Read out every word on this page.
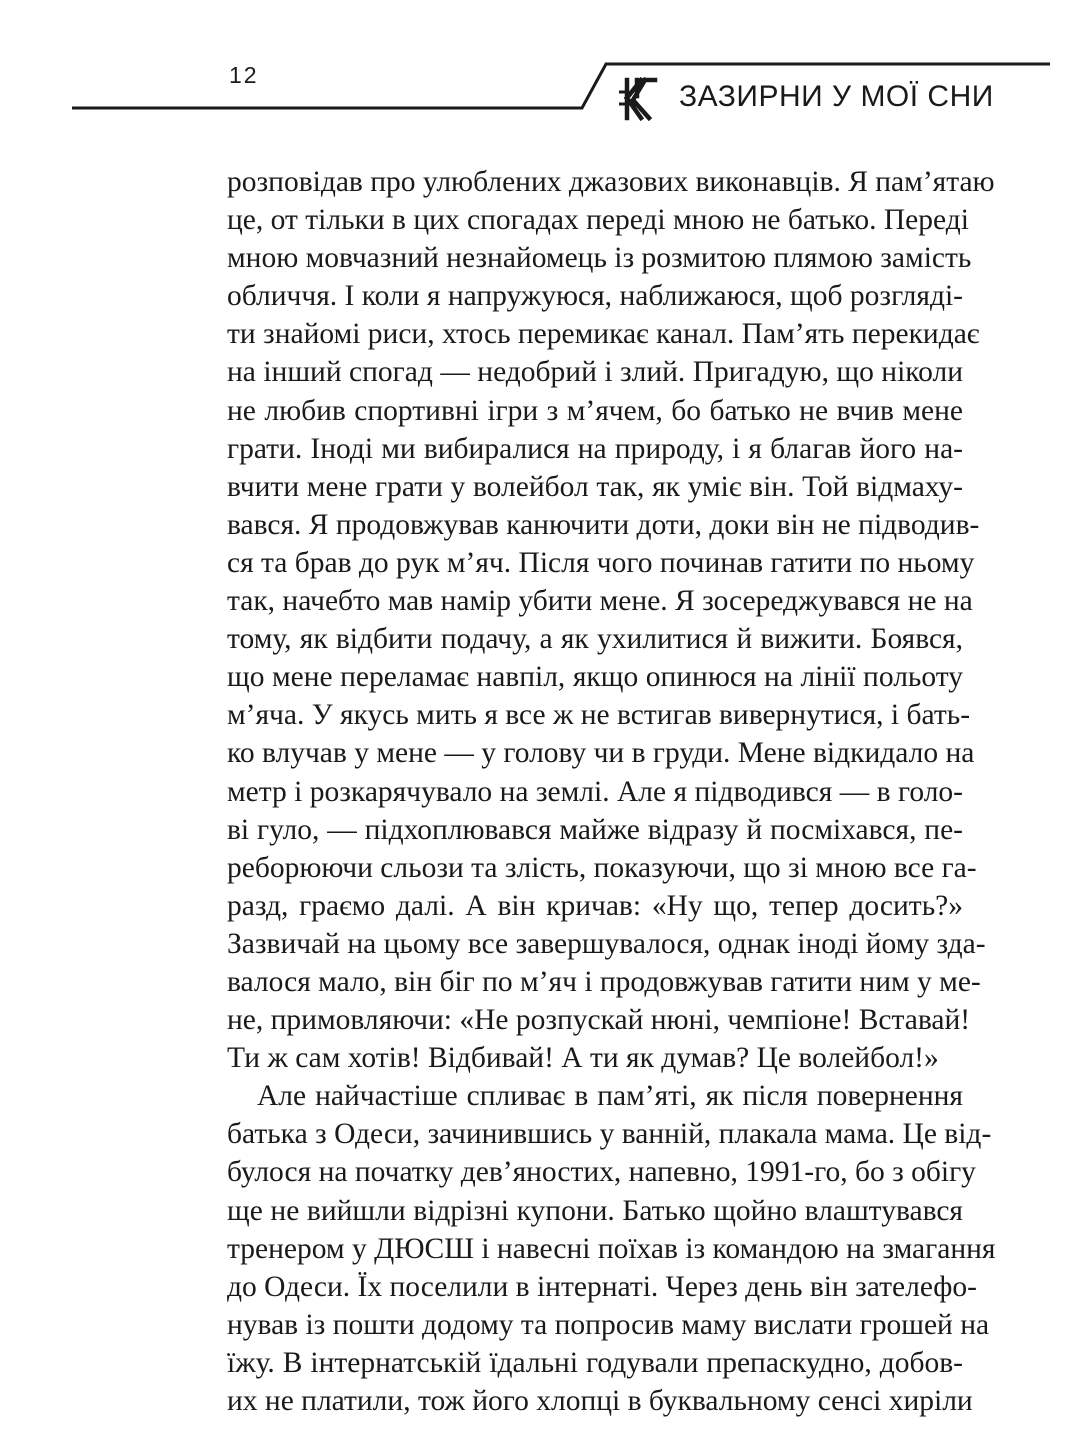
12
ЗАЗИРНИ У МОЇ СНИ
розповідав про улюблених джазових виконавців. Я пам’ятаю
це, от тільки в цих спогадах переді мною не батько. Переді
мною мовчазний незнайомець із розмитою плямою замість
обличчя. І коли я напружуюся, наближаюся, щоб розгляді-
ти знайомі риси, хтось перемикає канал. Пам’ять перекидає
на інший спогад — недобрий і злий. Пригадую, що ніколи
не любив спортивні ігри з м’ячем, бо батько не вчив мене
грати. Іноді ми вибиралися на природу, і я благав його на-
вчити мене грати у волейбол так, як уміє він. Той відмаху-
вався. Я продовжував канючити доти, доки він не підводив-
ся та брав до рук м’яч. Після чого починав гатити по ньому
так, начебто мав намір убити мене. Я зосереджувався не на
тому, як відбити подачу, а як ухилитися й вижити. Боявся,
що мене переламає навпіл, якщо опинюся на лінії польоту
м’яча. У якусь мить я все ж не встигав вивернутися, і бать-
ко влучав у мене — у голову чи в груди. Мене відкидало на
метр і розкарячувало на землі. Але я підводився — в голо-
ві гуло, — підхоплювався майже відразу й посміхався, пе-
реборюючи сльози та злість, показуючи, що зі мною все га-
разд, граємо далі. А він кричав: «Ну що, тепер досить?»
Зазвичай на цьому все завершувалося, однак іноді йому зда-
валося мало, він біг по м’яч і продовжував гатити ним у ме-
не, примовляючи: «Не розпускай нюні, чемпіоне! Вставай!
Ти ж сам хотів! Відбивай! А ти як думав? Це волейбол!»
Але найчастіше спливає в пам’яті, як після повернення
батька з Одеси, зачинившись у ванній, плакала мама. Це від-
булося на початку дев’яностих, напевно, 1991-го, бо з обігу
ще не вийшли відрізні купони. Батько щойно влаштувався
тренером у ДЮСШ і навесні поїхав із командою на змагання
до Одеси. Їх поселили в інтернаті. Через день він зателефо-
нував із пошти додому та попросив маму вислати грошей на
їжу. В інтернатській їдальні годували препаскудно, добов-
их не платили, тож його хлопці в буквальному сенсі хиріли
